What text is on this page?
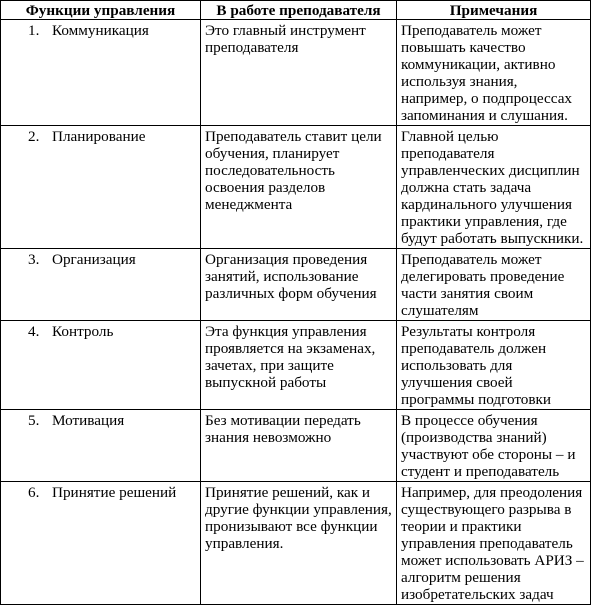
Функции управления	В работе преподавателя	Примечания
1. Коммуникация	Это главный инструмент преподавателя	Преподаватель может повышать качество коммуникации, активно используя знания, например, о подпроцессах запоминания и слушания.
2. Планирование	Преподаватель ставит цели обучения, планирует последовательность освоения разделов менеджмента	Главной целью преподавателя управленческих дисциплин должна стать задача кардинального улучшения практики управления, где будут работать выпускники.
3. Организация	Организация проведения занятий, использование различных форм обучения	Преподаватель может делегировать проведение части занятия своим слушателям
4. Контроль	Эта функция управления проявляется на экзаменах, зачетах, при защите выпускной работы	Результаты контроля преподаватель должен использовать для улучшения своей программы подготовки
5. Мотивация	Без мотивации передать знания невозможно	В процессе обучения (производства знаний) участвуют обе стороны – и студент и преподаватель
6. Принятие решений	Принятие решений, как и другие функции управления, пронизывают все функции управления.	Например, для преодоления существующего разрыва в теории и практики управления преподаватель может использовать АРИЗ – алгоритм решения изобретательских задач
